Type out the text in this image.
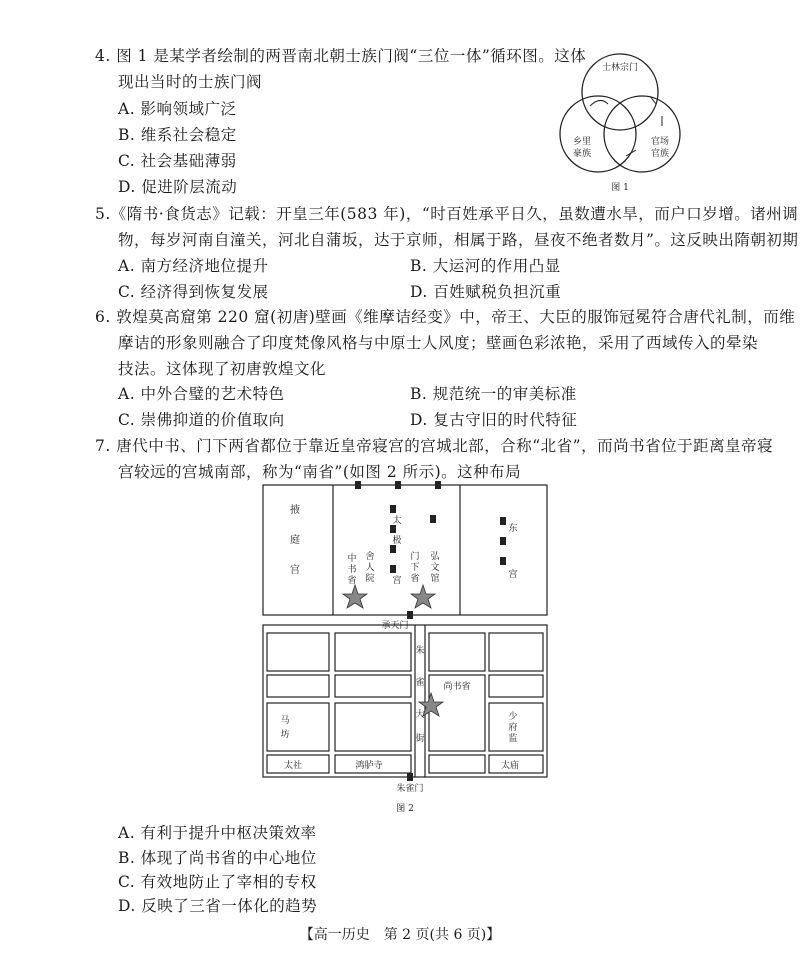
4. 图 1 是某学者绘制的两晋南北朝士族门阀“三位一体”循环图。这体
现出当时的士族门阀
A. 影响领域广泛
B. 维系社会稳定
C. 社会基础薄弱
D. 促进阶层流动
士林宗门
乡里
豪族
官场
官族
图 1
5.《隋书·食货志》记载：开皇三年(583 年)，“时百姓承平日久，虽数遭水旱，而户口岁增。诸州调
物，每岁河南自潼关，河北自蒲坂，达于京师，相属于路，昼夜不绝者数月”。这反映出隋朝初期
A. 南方经济地位提升	B. 大运河的作用凸显
C. 经济得到恢复发展	D. 百姓赋税负担沉重
6. 敦煌莫高窟第 220 窟(初唐)壁画《维摩诘经变》中，帝王、大臣的服饰冠冕符合唐代礼制，而维
摩诘的形象则融合了印度梵像风格与中原士人风度；壁画色彩浓艳，采用了西域传入的晕染
技法。这体现了初唐敦煌文化
A. 中外合璧的艺术特色	B. 规范统一的审美标准
C. 崇佛抑道的价值取向	D. 复古守旧的时代特征
7. 唐代中书、门下两省都位于靠近皇帝寝宫的宫城北部，合称“北省”，而尚书省位于距离皇帝寝
宫较远的宫城南部，称为“南省”(如图 2 所示)。这种布局
掖
庭
宫
中
书
省
舍
人
院
太
极
宫
门
下
省
弘
文
馆
东
宫
承天门
尚书省
朱
雀
大
街
马
坊
少
府
监
太社	鸿胪寺	太庙
朱雀门
图 2
A. 有利于提升中枢决策效率
B. 体现了尚书省的中心地位
C. 有效地防止了宰相的专权
D. 反映了三省一体化的趋势
【高一历史　第 2 页(共 6 页)】
